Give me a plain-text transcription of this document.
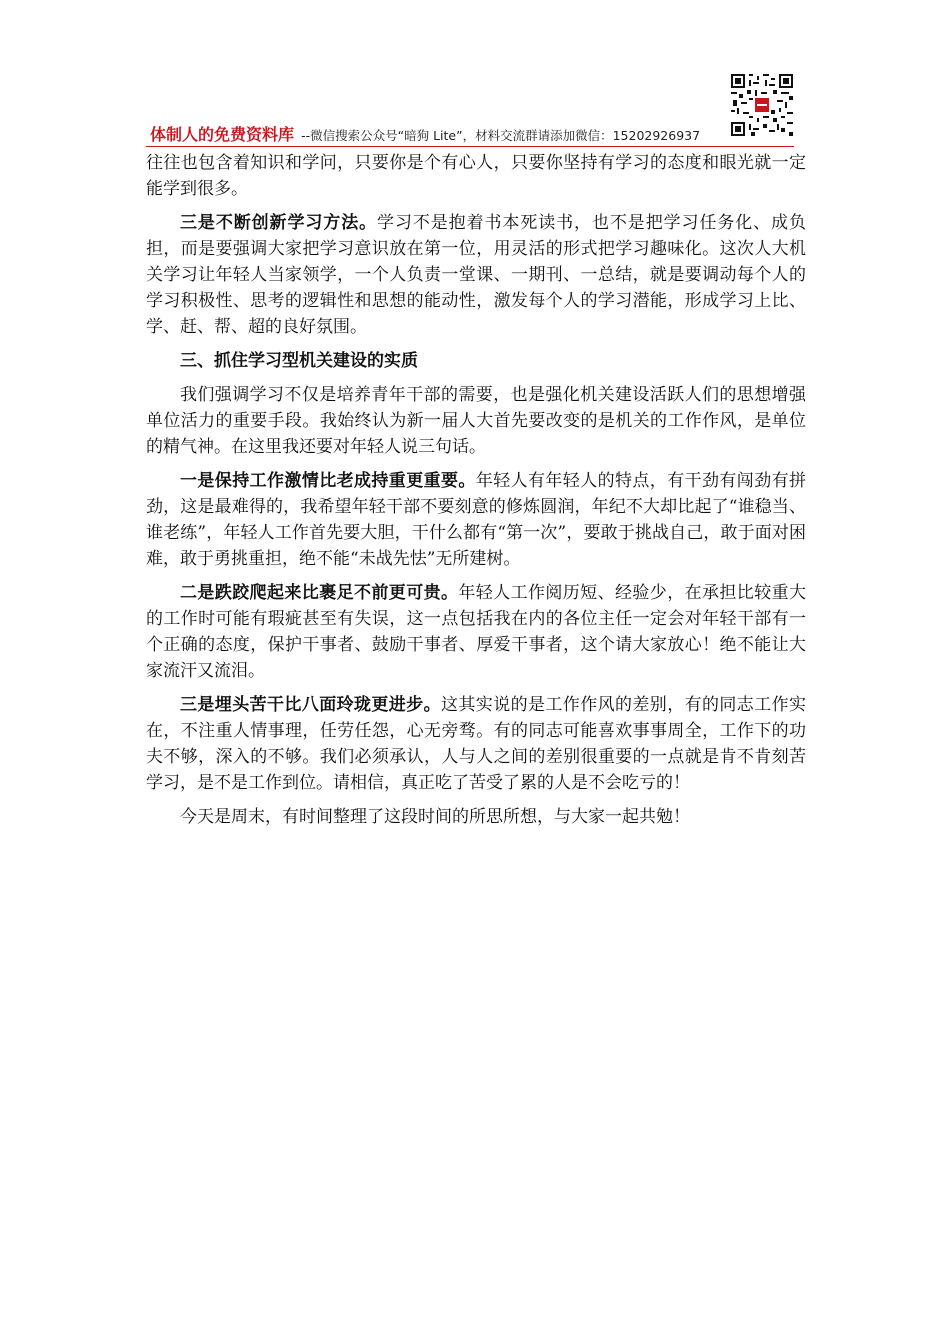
体制人的免费资料库 --微信搜索公众号“暗狗 Lite”，材料交流群请添加微信：15202926937

往往也包含着知识和学问，只要你是个有心人，只要你坚持有学习的态度和眼光就一定能学到很多。

三是不断创新学习方法。学习不是抱着书本死读书，也不是把学习任务化、成负担，而是要强调大家把学习意识放在第一位，用灵活的形式把学习趣味化。这次人大机关学习让年轻人当家领学，一个人负责一堂课、一期刊、一总结，就是要调动每个人的学习积极性、思考的逻辑性和思想的能动性，激发每个人的学习潜能，形成学习上比、学、赶、帮、超的良好氛围。

三、抓住学习型机关建设的实质

我们强调学习不仅是培养青年干部的需要，也是强化机关建设活跃人们的思想增强单位活力的重要手段。我始终认为新一届人大首先要改变的是机关的工作作风，是单位的精气神。在这里我还要对年轻人说三句话。

一是保持工作激情比老成持重更重要。年轻人有年轻人的特点，有干劲有闯劲有拼劲，这是最难得的，我希望年轻干部不要刻意的修炼圆润，年纪不大却比起了“谁稳当、谁老练”，年轻人工作首先要大胆，干什么都有“第一次”，要敢于挑战自己，敢于面对困难，敢于勇挑重担，绝不能“未战先怯”无所建树。

二是跌跤爬起来比裹足不前更可贵。年轻人工作阅历短、经验少，在承担比较重大的工作时可能有瑕疵甚至有失误，这一点包括我在内的各位主任一定会对年轻干部有一个正确的态度，保护干事者、鼓励干事者、厚爱干事者，这个请大家放心！绝不能让大家流汗又流泪。

三是埋头苦干比八面玲珑更进步。这其实说的是工作作风的差别，有的同志工作实在，不注重人情事理，任劳任怨，心无旁骛。有的同志可能喜欢事事周全，工作下的功夫不够，深入的不够。我们必须承认，人与人之间的差别很重要的一点就是肯不肯刻苦学习，是不是工作到位。请相信，真正吃了苦受了累的人是不会吃亏的！

今天是周末，有时间整理了这段时间的所思所想，与大家一起共勉！
